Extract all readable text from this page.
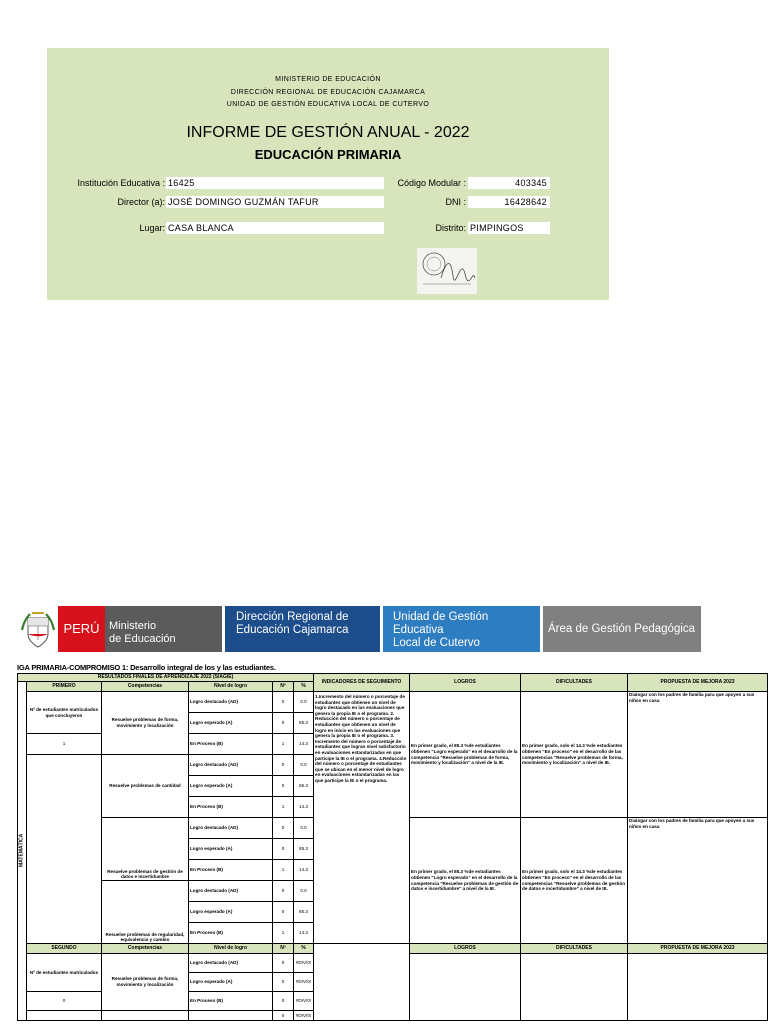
MINISTERIO DE EDUCACIÓN
DIRECCIÓN REGIONAL DE EDUCACIÓN CAJAMARCA
UNIDAD DE GESTIÓN EDUCATIVA LOCAL DE CUTERVO
INFORME DE GESTIÓN ANUAL - 2022
EDUCACIÓN PRIMARIA
Institución Educativa : 16425
Director (a): JOSÉ DOMINGO GUZMÁN TAFUR
Lugar: CASA BLANCA
Código Modular :	403345
DNI :	16428642
Distrito: PIMPINGOS
PERÚ Ministerio
de Educación
Dirección Regional de
Educación Cajamarca
Unidad de Gestión Educativa
Local de Cutervo
Área de Gestión Pedagógica
IGA PRIMARIA-COMPROMISO 1: Desarrollo integral de los y las estudiantes.
RESULTADOS FINALES DE APRENDIZAJE 2022 (SIAGIE)						INDICADORES DE SEGUIMIENTO	LOGROS	DIFICULTADES	PROPUESTA DE MEJORA 2023
MATEMÁTICA	PRIMERO	Competencias	Nivel de logro	Nº	%				
	Nº de estudiantes matriculados que concluyeron	Resuelve problemas de forma, movimiento y localización	Logro destacado (AD)	0	0.0	1.Incremento del número o porcentaje de estudiantes que obtienen un nivel de logro destacado en las evaluaciones que genera la propia IE o el programa. 2. Reducción del número o porcentaje de estudiantes que obtienen un nivel de logro en inicio en las evaluaciones que genera la propia IE o el programa. 3. Incremento del número o porcentaje de estudiantes que logran nivel satisfactorio en evaluaciones estandarizadas en que participe la IE o el programa. 4.Reducción del número o porcentaje de estudiantes que se ubican en el menor nivel de logro en evaluaciones estandarizadas en las que participe la IE o el programa.	En primer grado, el 85.3 %de estudiantes obtienen "Logro esperado" en el desarrollo de la competencia "Resuelve problemas de forma, movimiento y localización" a nivel de la IE.	En primer grado, solo el 14.3 %de estudiantes obtienen "En proceso" en el desarrollo de las competencias "Resuelve problemas de forma, movimiento y localización" a nivel de IE.	Dialogar con los padres de familia para que apoyen a sus niños en casa
			Logro esperado (A)	0	85.3				
	1		En Proceso (B)	1	14.3				
		Resuelve problemas de cantidad	Logro destacado (AD)	0	0.0				
			Logro esperado (A)	0	85.3				
			En Proceso (B)	1	14.3				
		Resuelve problemas de gestión de datos e incertidumbre	Logro destacado (AD)	0	0.0		En primer grado, el 85.3 %de estudiantes obtienen "Logro esperado" en el desarrollo de la competencia "Resuelve problemas de gestión de datos e incertidumbre" a nivel de la IE.	En primer grado, solo el 14.3 %de estudiantes obtienen "En proceso" en el desarrollo de las competencias "Resuelve problemas de gestión de datos e incertidumbre" a nivel de IE.	Dialogar con los padres de familia para que apoyen a sus niños en casa
			Logro esperado (A)	0	85.3				
			En Proceso (B)	1	14.3				
		Resuelve problemas de regularidad, equivalencia y cambio	Logro destacado (AD)	0	0.0				
			Logro esperado (A)	0	85.3				
			En Proceso (B)	1	14.3				
	SEGUNDO	Competencias	Nivel de logro	Nº	%		LOGROS	DIFICULTADES	PROPUESTA DE MEJORA 2023
	Nº de estudiantes matriculados	Resuelve problemas de forma, movimiento y localización	Logro destacado (AD)	0	#DIV/0!				
			Logro esperado (A)	0	#DIV/0!				
	0		En Proceso (B)	0	#DIV/0!				
				0	#DIV/0!				
